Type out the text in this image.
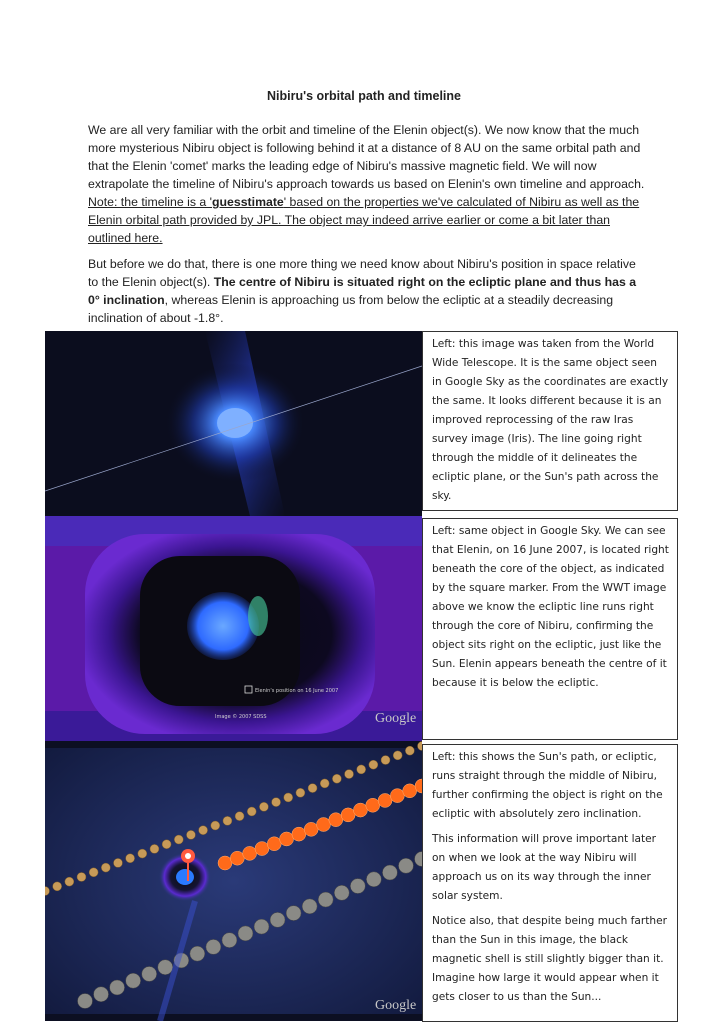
Nibiru's orbital path and timeline

We are all very familiar with the orbit and timeline of the Elenin object(s). We now know that the much more mysterious Nibiru object is following behind it at a distance of 8 AU on the same orbital path and that the Elenin 'comet' marks the leading edge of Nibiru's massive magnetic field. We will now extrapolate the timeline of Nibiru's approach towards us based on Elenin's own timeline and approach. Note: the timeline is a 'guesstimate' based on the properties we've calculated of Nibiru as well as the Elenin orbital path provided by JPL. The object may indeed arrive earlier or come a bit later than outlined here.

But before we do that, there is one more thing we need know about Nibiru's position in space relative to the Elenin object(s). The centre of Nibiru is situated right on the ecliptic plane and thus has a 0° inclination, whereas Elenin is approaching us from below the ecliptic at a steadily decreasing inclination of about -1.8°.

Left: this image was taken from the World Wide Telescope. It is the same object seen in Google Sky as the coordinates are exactly the same. It looks different because it is an improved reprocessing of the raw Iras survey image (Iris). The line going right through the middle of it delineates the ecliptic plane, or the Sun's path across the sky.

Elenin's position on 16 June 2007
Image © 2007 SDSS	Google

Left: same object in Google Sky. We can see that Elenin, on 16 June 2007, is located right beneath the core of the object, as indicated by the square marker. From the WWT image above we know the ecliptic line runs right through the core of Nibiru, confirming the object sits right on the ecliptic, just like the Sun. Elenin appears beneath the centre of it because it is below the ecliptic.

Google

Left: this shows the Sun's path, or ecliptic, runs straight through the middle of Nibiru, further confirming the object is right on the ecliptic with absolutely zero inclination.

This information will prove important later on when we look at the way Nibiru will approach us on its way through the inner solar system.

Notice also, that despite being much farther than the Sun in this image, the black magnetic shell is still slightly bigger than it. Imagine how large it would appear when it gets closer to us than the Sun...
